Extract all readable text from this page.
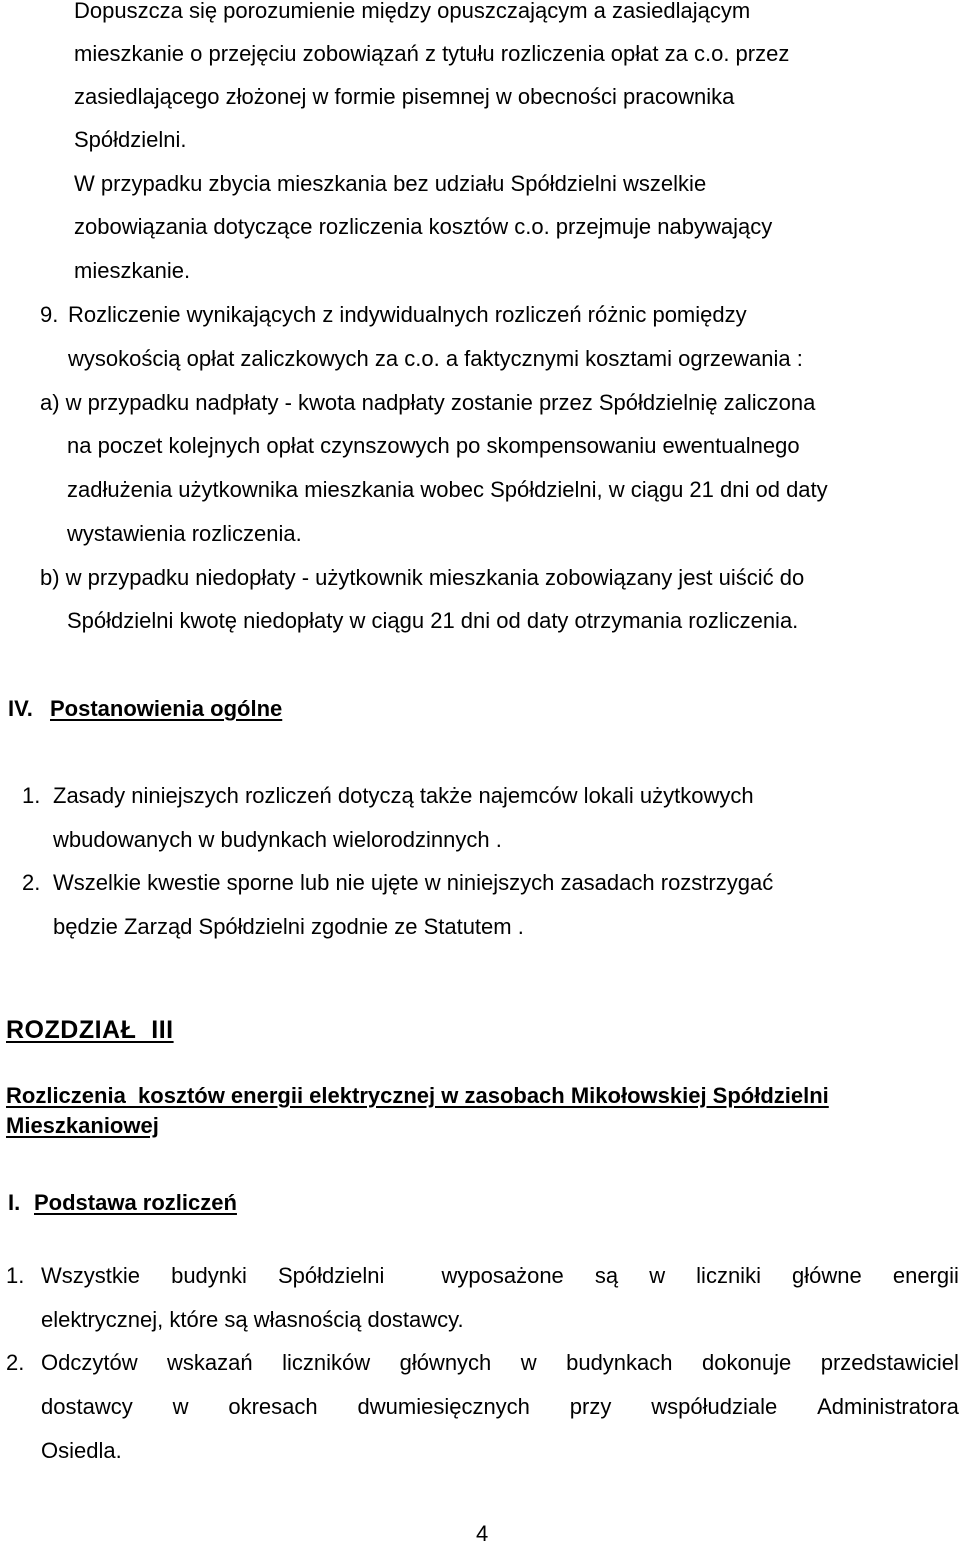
Dopuszcza się porozumienie między opuszczającym a zasiedlającym
mieszkanie o przejęciu zobowiązań z tytułu rozliczenia opłat za c.o. przez
zasiedlającego złożonej w formie pisemnej w obecności pracownika
Spółdzielni.
W przypadku zbycia mieszkania bez udziału Spółdzielni wszelkie
zobowiązania dotyczące rozliczenia kosztów c.o. przejmuje nabywający
mieszkanie.
9. Rozliczenie wynikających z indywidualnych rozliczeń różnic pomiędzy
wysokością opłat zaliczkowych za c.o. a faktycznymi kosztami ogrzewania :
a) w przypadku nadpłaty - kwota nadpłaty zostanie przez Spółdzielnię zaliczona
na poczet kolejnych opłat czynszowych po skompensowaniu ewentualnego
zadłużenia użytkownika mieszkania wobec Spółdzielni, w ciągu 21 dni od daty
wystawienia rozliczenia.
b) w przypadku niedopłaty - użytkownik mieszkania zobowiązany jest uiścić do
Spółdzielni kwotę niedopłaty w ciągu 21 dni od daty otrzymania rozliczenia.
IV. Postanowienia ogólne
1. Zasady niniejszych rozliczeń dotyczą także najemców lokali użytkowych
wbudowanych w budynkach wielorodzinnych .
2. Wszelkie kwestie sporne lub nie ujęte w niniejszych zasadach rozstrzygać
będzie Zarząd Spółdzielni zgodnie ze Statutem .
ROZDZIAŁ  III
Rozliczenia  kosztów energii elektrycznej w zasobach Mikołowskiej Spółdzielni
Mieszkaniowej
I. Podstawa rozliczeń
1. Wszystkie budynki Spółdzielni	wyposażone są w liczniki główne energii
elektrycznej, które są własnością dostawcy.
2. Odczytów wskazań liczników głównych w budynkach dokonuje przedstawiciel
dostawcy w okresach dwumiesięcznych przy współudziale Administratora
Osiedla.
4
